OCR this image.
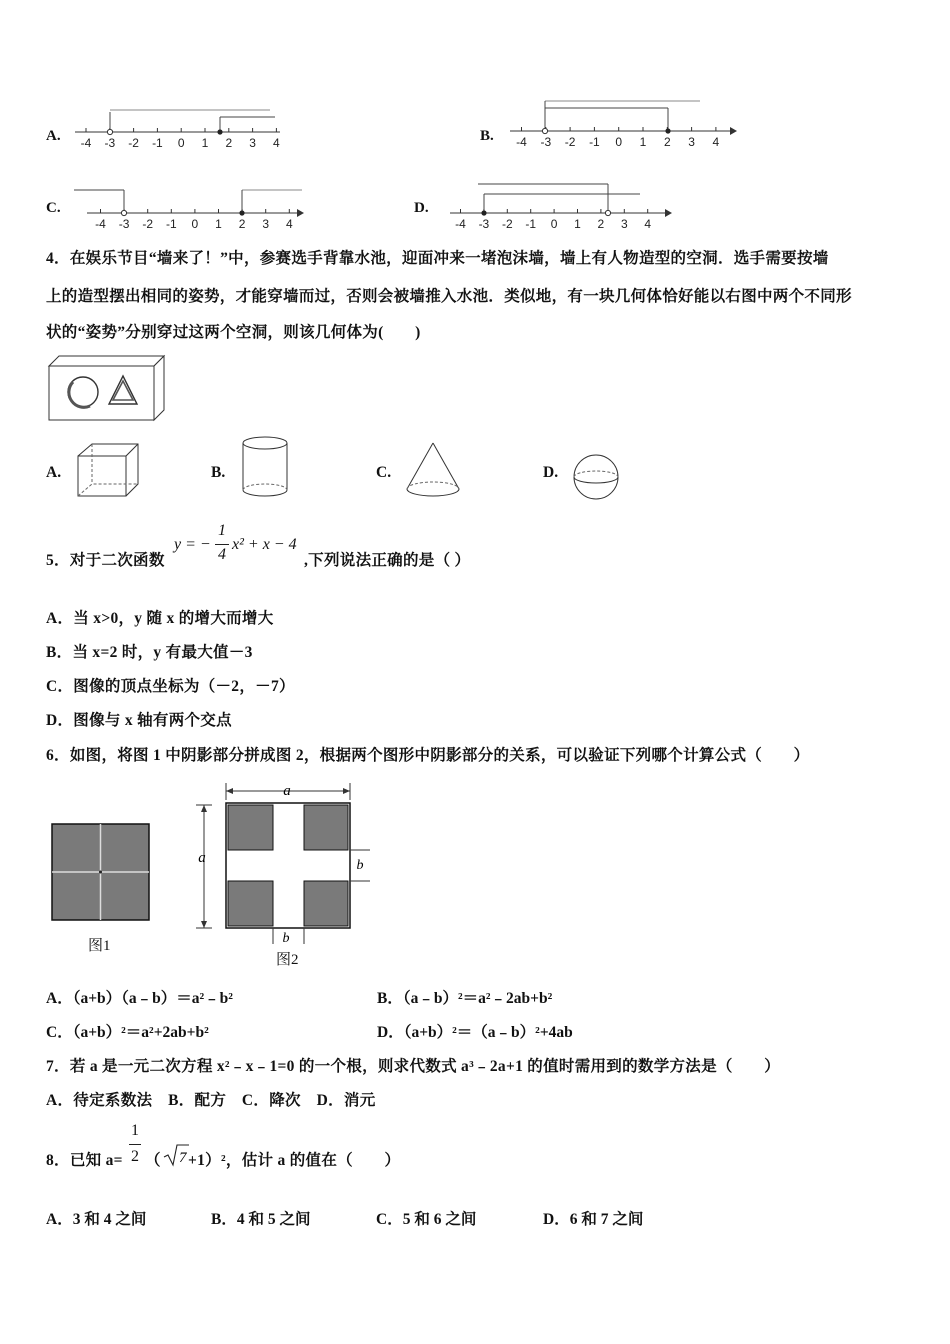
A. -4 -3 -2 -1 0 1 2 3 4	B. -4 -3 -2 -1 0 1 2 3 4
C.
-4 -3 -2 -1 0 1 2 3 4
D.
-4 -3 -2 -1 0 1 2 3 4
4．在娱乐节目“墙来了！”中，参赛选手背靠水池，迎面冲来一堵泡沫墙，墙上有人物造型的空洞．选手需要按墙
上的造型摆出相同的姿势，才能穿墙而过，否则会被墙推入水池．类似地，有一块几何体恰好能以右图中两个不同形
状的“姿势”分别穿过这两个空洞，则该几何体为(　　)
A.	B.	C.	D.
5．对于二次函数
y = −
1
4
x² + x − 4
,下列说法正确的是（ ）
A．当 x>0，y 随 x 的增大而增大
B．当 x=2 时，y 有最大值－3
C．图像的顶点坐标为（－2，－7）
D．图像与 x 轴有两个交点
6．如图，将图 1 中阴影部分拼成图 2，根据两个图形中阴影部分的关系，可以验证下列哪个计算公式（　　）
图1
a
a	b
b
图2
A．（a+b）（a﹣b）＝a²﹣b²	B．（a﹣b）²＝a²﹣2ab+b²
C．（a+b）²＝a²+2ab+b²	D．（a+b）²＝（a﹣b）²+4ab
7．若 a 是一元二次方程 x²﹣x﹣1=0 的一个根，则求代数式 a³﹣2a+1 的值时需用到的数学方法是（　　）
A．待定系数法　B．配方　C．降次　D．消元
8．已知 a=
1
2 （ 7 +1）²，估计 a 的值在（　　）
A．3 和 4 之间	B．4 和 5 之间	C．5 和 6 之间	D．6 和 7 之间
